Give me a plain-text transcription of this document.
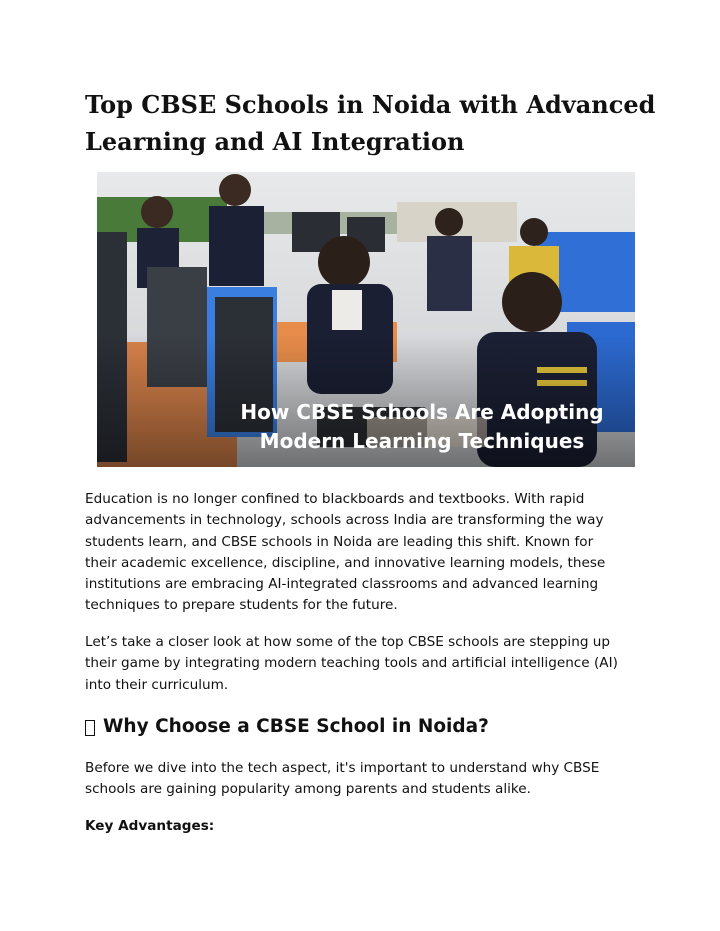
Top CBSE Schools in Noida with Advanced
Learning and AI Integration
How CBSE Schools Are Adopting
Modern Learning Techniques
Education is no longer confined to blackboards and textbooks. With rapid
advancements in technology, schools across India are transforming the way
students learn, and CBSE schools in Noida are leading this shift. Known for
their academic excellence, discipline, and innovative learning models, these
institutions are embracing AI-integrated classrooms and advanced learning
techniques to prepare students for the future.
Let’s take a closer look at how some of the top CBSE schools are stepping up
their game by integrating modern teaching tools and artificial intelligence (AI)
into their curriculum.
Why Choose a CBSE School in Noida?
Before we dive into the tech aspect, it's important to understand why CBSE
schools are gaining popularity among parents and students alike.
Key Advantages:
